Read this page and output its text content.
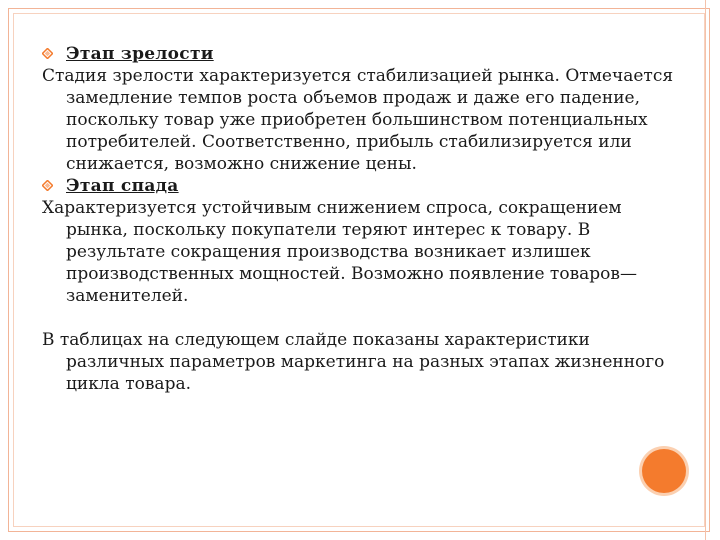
Этап зрелости
Стадия зрелости характеризуется стабилизацией рынка. Отмечается замедление темпов роста объемов продаж и даже его падение, поскольку товар уже приобретен большинством потенциальных потребителей. Соответственно, прибыль стабилизируется или снижается, возможно снижение цены.
Этап спада
Характеризуется устойчивым снижением спроса, сокращением рынка, поскольку покупатели теряют интерес к товару. В результате сокращения производства возникает излишек производственных мощностей. Возможно появление товаров—заменителей.
В таблицах на следующем слайде показаны характеристики различных параметров маркетинга на разных этапах жизненного цикла товара.
